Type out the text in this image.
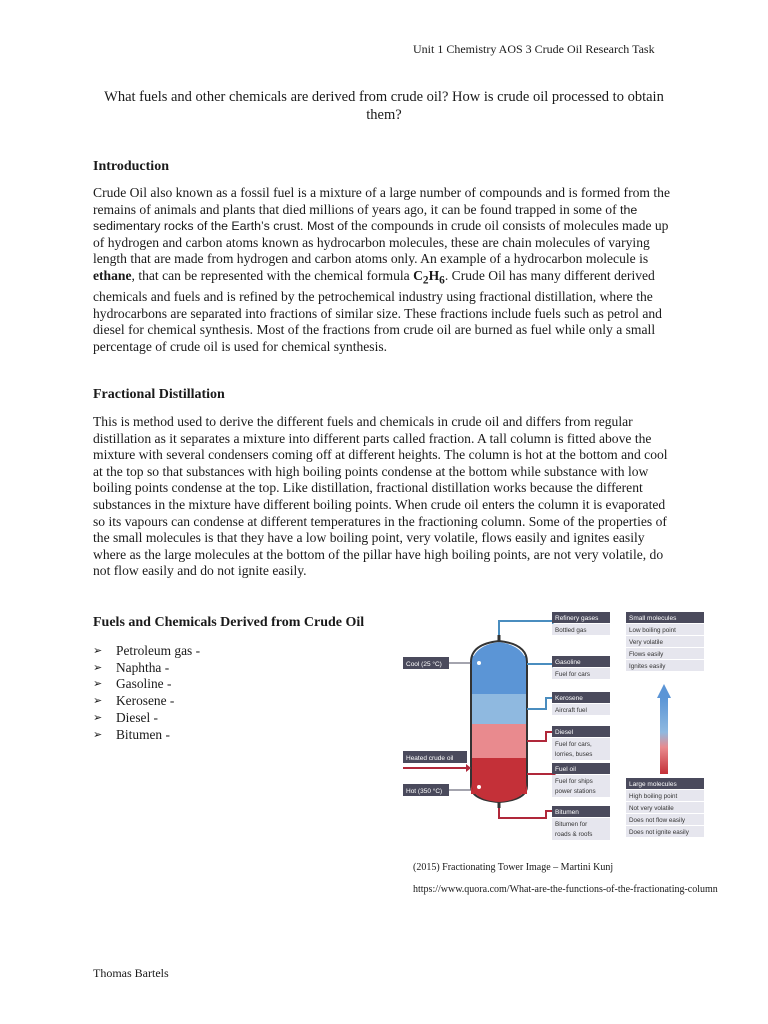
Unit 1 Chemistry AOS 3 Crude Oil Research Task
What fuels and other chemicals are derived from crude oil? How is crude oil processed to obtain them?
Introduction

Crude Oil also known as a fossil fuel is a mixture of a large number of compounds and is formed from the remains of animals and plants that died millions of years ago, it can be found trapped in some of the sedimentary rocks of the Earth’s crust. Most of the compounds in crude oil consists of molecules made up of hydrogen and carbon atoms known as hydrocarbon molecules, these are chain molecules of varying length that are made from hydrogen and carbon atoms only. An example of a hydrocarbon molecule is ethane, that can be represented with the chemical formula $C_2H_6$. Crude Oil has many different derived chemicals and fuels and is refined by the petrochemical industry using fractional distillation, where the hydrocarbons are separated into fractions of similar size. These fractions include fuels such as petrol and diesel for chemical synthesis. Most of the fractions from crude oil are burned as fuel while only a small percentage of crude oil is used for chemical synthesis.

Fractional Distillation

This is method used to derive the different fuels and chemicals in crude oil and differs from regular distillation as it separates a mixture into different parts called fraction. A tall column is fitted above the mixture with several condensers coming off at different heights. The column is hot at the bottom and cool at the top so that substances with high boiling points condense at the bottom while substance with low boiling points condense at the top. Like distillation, fractional distillation works because the different substances in the mixture have different boiling points. When crude oil enters the column it is evaporated so its vapours can condense at different temperatures in the fractioning column. Some of the properties of the small molecules is that they have a low boiling point, very volatile, flows easily and ignites easily where as the large molecules at the bottom of the pillar have high boiling points, are not very volatile, do not flow easily and do not ignite easily.

Fuels and Chemicals Derived from Crude Oil
➢	Petroleum gas -
➢	Naphtha -
➢	Gasoline -
➢	Kerosene -
➢	Diesel -
➢	Bitumen -
Cool (25 °C)
Heated crude oil
Hot (350 °C)
Refinery gases
Bottled gas
Gasoline
Fuel for cars
Kerosene
Aircraft fuel
Diesel
Fuel for cars,
lorries, buses
Fuel oil
Fuel for ships
power stations
Bitumen
Bitumen for
roads & roofs
Small molecules
Low boiling point
Very volatile
Flows easily
Ignites easily
Large molecules
High boiling point
Not very volatile
Does not flow easily
Does not ignite easily
(2015) Fractionating Tower Image – Martini Kunj
https://www.quora.com/What-are-the-functions-of-the-fractionating-column
Thomas Bartels
